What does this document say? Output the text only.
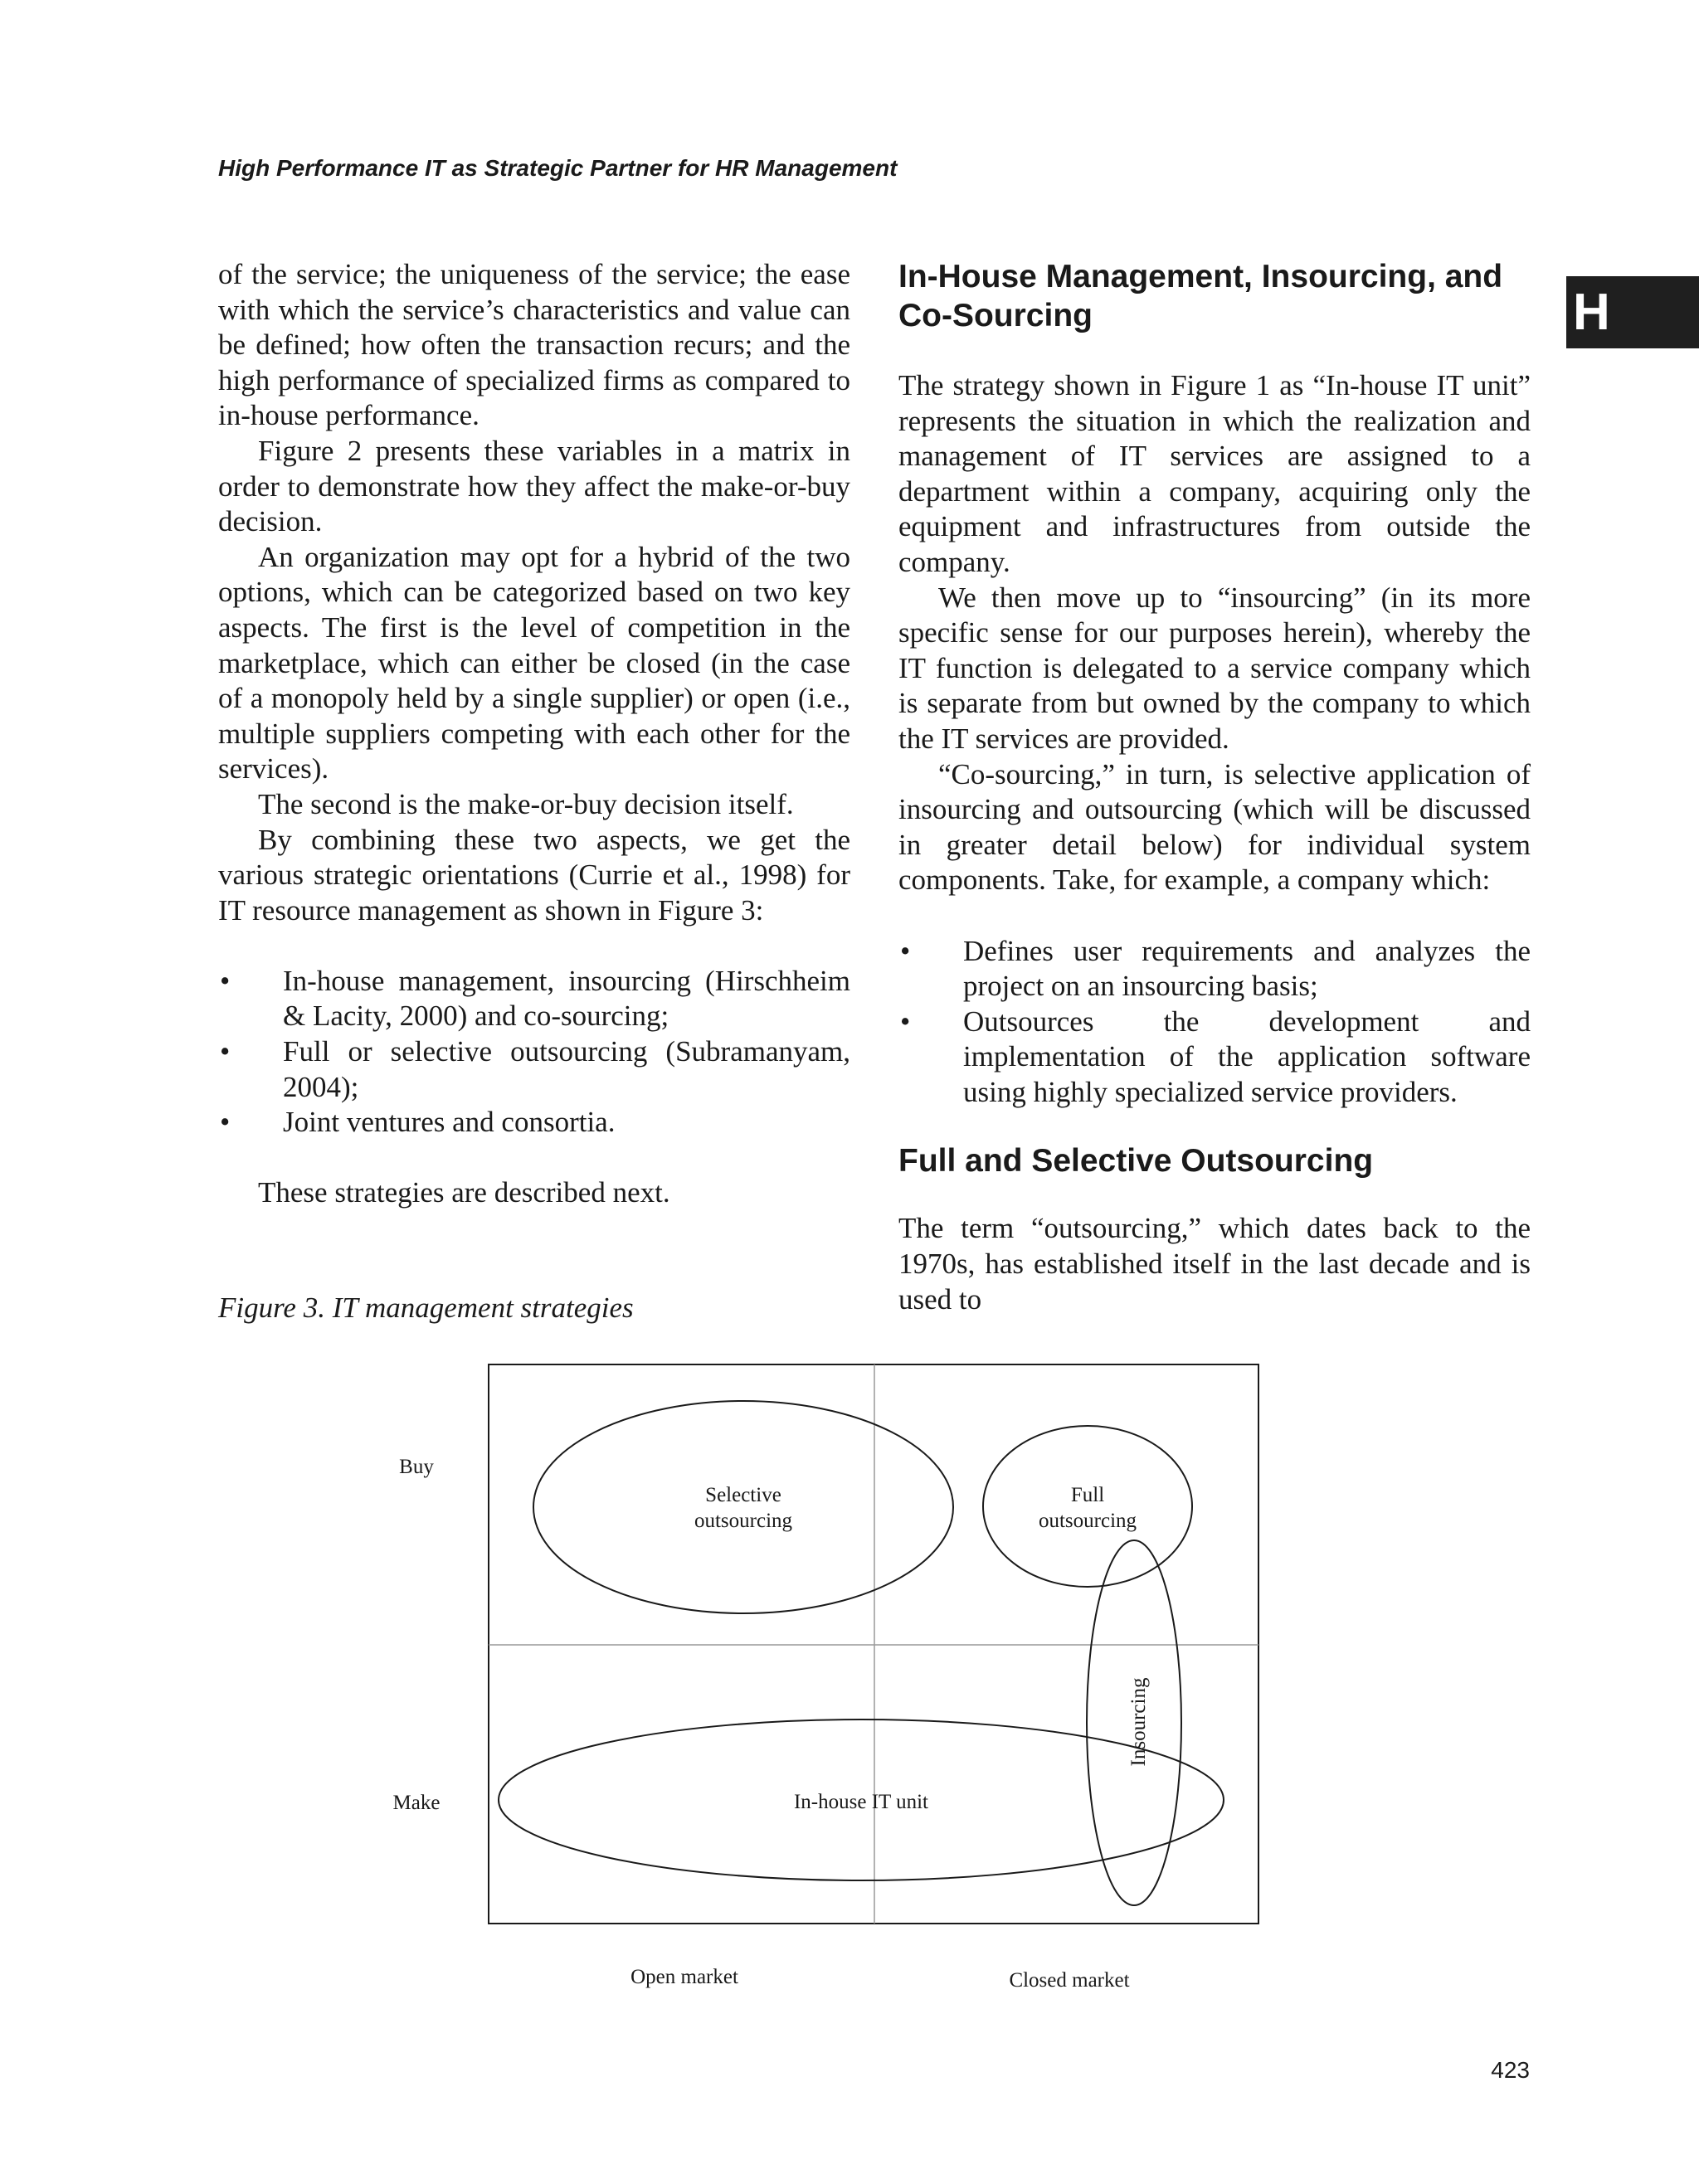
High Performance IT as Strategic Partner for HR Management
H

of the service; the uniqueness of the service; the ease with which the service’s characteristics and value can be defined; how often the transaction recurs; and the high performance of specialized firms as compared to in-house performance.

Figure 2 presents these variables in a matrix in order to demonstrate how they affect the make-or-buy decision.

An organization may opt for a hybrid of the two options, which can be categorized based on two key aspects. The first is the level of competition in the marketplace, which can either be closed (in the case of a monopoly held by a single supplier) or open (i.e., multiple suppliers competing with each other for the services).

The second is the make-or-buy decision itself.

By combining these two aspects, we get the various strategic orientations (Currie et al., 1998) for IT resource management as shown in Figure 3:

• In-house management, insourcing (Hirschheim & Lacity, 2000) and co-sourcing;
• Full or selective outsourcing (Subramanyam, 2004);
• Joint ventures and consortia.

These strategies are described next.

In-House Management, Insourcing, and Co-Sourcing

The strategy shown in Figure 1 as “In-house IT unit” represents the situation in which the realization and management of IT services are assigned to a department within a company, acquiring only the equipment and infrastructures from outside the company.

We then move up to “insourcing” (in its more specific sense for our purposes herein), whereby the IT function is delegated to a service company which is separate from but owned by the company to which the IT services are provided.

“Co-sourcing,” in turn, is selective application of insourcing and outsourcing (which will be discussed in greater detail below) for individual system components. Take, for example, a company which:

• Defines user requirements and analyzes the project on an insourcing basis;
• Outsources the development and implementation of the application software using highly specialized service providers.
Full and Selective Outsourcing

The term “outsourcing,” which dates back to the 1970s, has established itself in the last decade and is used to

Figure 3. IT management strategies
Buy
Make
Open market	Closed market
Selective
outsourcing
Full
outsourcing
In-house IT unit
Insourcing
423
